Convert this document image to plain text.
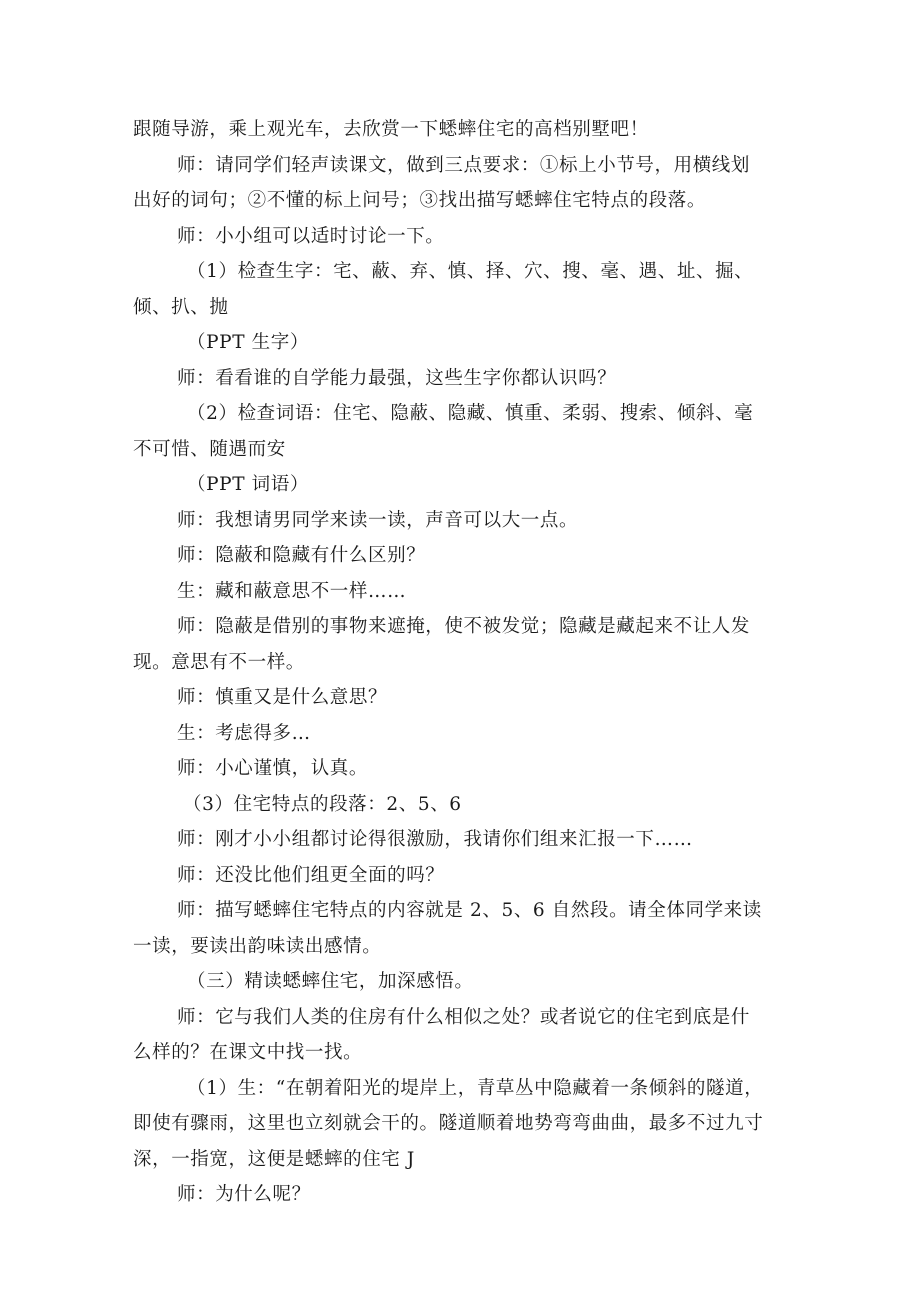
跟随导游，乘上观光车，去欣赏一下蟋蟀住宅的高档别墅吧！
师：请同学们轻声读课文，做到三点要求：①标上小节号，用横线划
出好的词句；②不懂的标上问号；③找出描写蟋蟀住宅特点的段落。
师：小小组可以适时讨论一下。
（1）检查生字：宅、蔽、弃、慎、择、穴、搜、毫、遇、址、掘、
倾、扒、抛
（PPT 生字）
师：看看谁的自学能力最强，这些生字你都认识吗？
（2）检查词语：住宅、隐蔽、隐藏、慎重、柔弱、搜索、倾斜、毫
不可惜、随遇而安
（PPT 词语）
师：我想请男同学来读一读，声音可以大一点。
师：隐蔽和隐藏有什么区别？
生：藏和蔽意思不一样……
师：隐蔽是借别的事物来遮掩，使不被发觉；隐藏是藏起来不让人发
现。意思有不一样。
师：慎重又是什么意思？
生：考虑得多…
师：小心谨慎，认真。
（3）住宅特点的段落：2、5、6
师：刚才小小组都讨论得很激励，我请你们组来汇报一下……
师：还没比他们组更全面的吗？
师：描写蟋蟀住宅特点的内容就是 2、5、6 自然段。请全体同学来读
一读，要读出韵味读出感情。
（三）精读蟋蟀住宅，加深感悟。
师：它与我们人类的住房有什么相似之处？或者说它的住宅到底是什
么样的？在课文中找一找。
（1）生：“在朝着阳光的堤岸上，青草丛中隐藏着一条倾斜的隧道，
即使有骤雨，这里也立刻就会干的。隧道顺着地势弯弯曲曲，最多不过九寸
深，一指宽，这便是蟋蟀的住宅 J
师：为什么呢？
